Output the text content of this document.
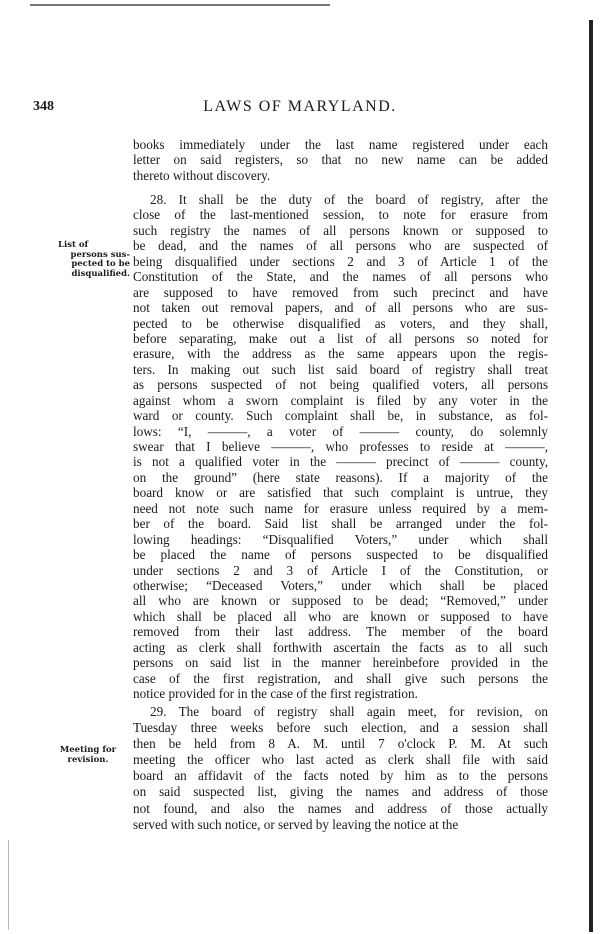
348	LAWS OF MARYLAND.
List of
persons sus-
pected to be
disqualified.
Meeting for
revision.
books immediately under the last name registered under each
letter on said registers, so that no new name can be added
thereto without discovery.
28. It shall be the duty of the board of registry, after the
close of the last-mentioned session, to note for erasure from
such registry the names of all persons known or supposed to
be dead, and the names of all persons who are suspected of
being disqualified under sections 2 and 3 of Article 1 of the
Constitution of the State, and the names of all persons who
are supposed to have removed from such precinct and have
not taken out removal papers, and of all persons who are sus-
pected to be otherwise disqualified as voters, and they shall,
before separating, make out a list of all persons so noted for
erasure, with the address as the same appears upon the regis-
ters. In making out such list said board of registry shall treat
as persons suspected of not being qualified voters, all persons
against whom a sworn complaint is filed by any voter in the
ward or county. Such complaint shall be, in substance, as fol-
lows: “I, ———, a voter of ——— county, do solemnly
swear that I believe ———, who professes to reside at ———,
is not a qualified voter in the ——— precinct of ——— county,
on the ground” (here state reasons). If a majority of the
board know or are satisfied that such complaint is untrue, they
need not note such name for erasure unless required by a mem-
ber of the board. Said list shall be arranged under the fol-
lowing headings: “Disqualified Voters,” under which shall
be placed the name of persons suspected to be disqualified
under sections 2 and 3 of Article I of the Constitution, or
otherwise; “Deceased Voters,” under which shall be placed
all who are known or supposed to be dead; “Removed,” under
which shall be placed all who are known or supposed to have
removed from their last address. The member of the board
acting as clerk shall forthwith ascertain the facts as to all such
persons on said list in the manner hereinbefore provided in the
case of the first registration, and shall give such persons the
notice provided for in the case of the first registration.
29. The board of registry shall again meet, for revision, on
Tuesday three weeks before such election, and a session shall
then be held from 8 A. M. until 7 o'clock P. M. At such
meeting the officer who last acted as clerk shall file with said
board an affidavit of the facts noted by him as to the persons
on said suspected list, giving the names and address of those
not found, and also the names and address of those actually
served with such notice, or served by leaving the notice at the
